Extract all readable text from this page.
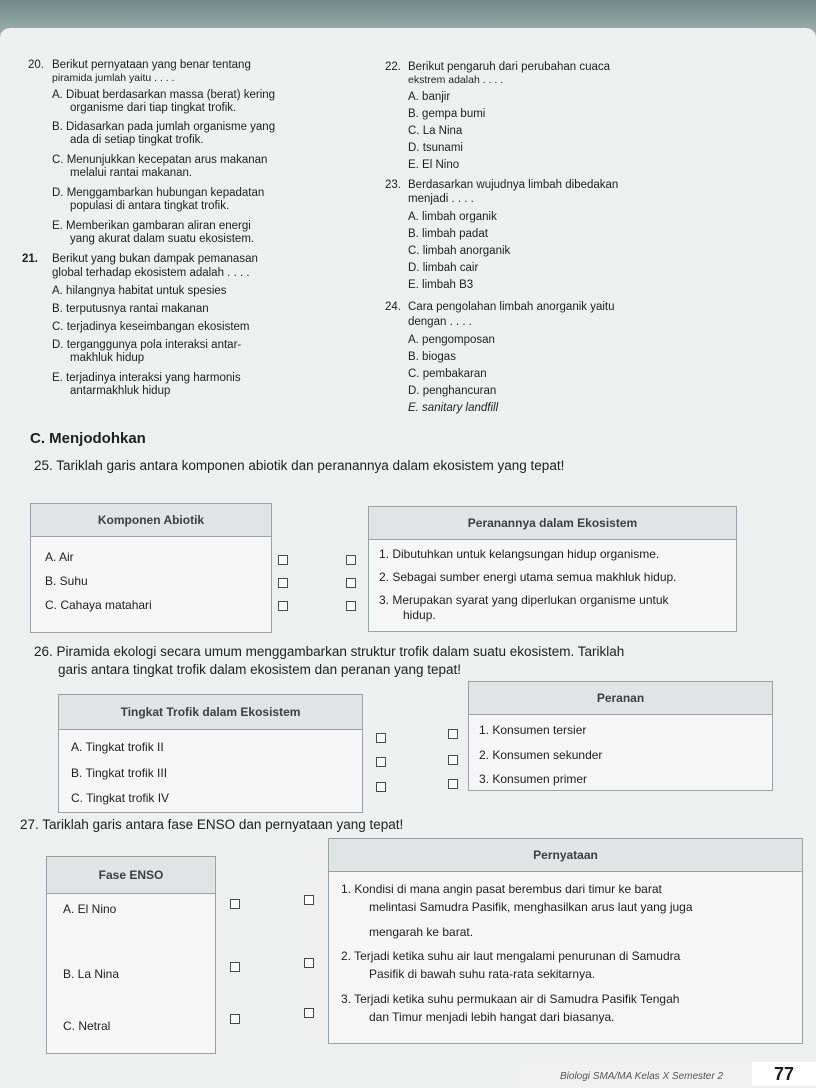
20. Berikut pernyataan yang benar tentang
piramida jumlah yaitu . . . .
A. Dibuat berdasarkan massa (berat) kering
organisme dari tiap tingkat trofik.
B. Didasarkan pada jumlah organisme yang
ada di setiap tingkat trofik.
C. Menunjukkan kecepatan arus makanan
melalui rantai makanan.
D. Menggambarkan hubungan kepadatan
populasi di antara tingkat trofik.
E. Memberikan gambaran aliran energi
yang akurat dalam suatu ekosistem.
21. Berikut yang bukan dampak pemanasan
global terhadap ekosistem adalah . . . .
A. hilangnya habitat untuk spesies
B. terputusnya rantai makanan
C. terjadinya keseimbangan ekosistem
D. terganggunya pola interaksi antar-
makhluk hidup
E. terjadinya interaksi yang harmonis
antarmakhluk hidup
22. Berikut pengaruh dari perubahan cuaca
ekstrem adalah . . . .
A. banjir
B. gempa bumi
C. La Nina
D. tsunami
E. El Nino
23. Berdasarkan wujudnya limbah dibedakan
menjadi . . . .
A. limbah organik
B. limbah padat
C. limbah anorganik
D. limbah cair
E. limbah B3
24. Cara pengolahan limbah anorganik yaitu
dengan . . . .
A. pengomposan
B. biogas
C. pembakaran
D. penghancuran
E. sanitary landfill
C. Menjodohkan
25. Tariklah garis antara komponen abiotik dan peranannya dalam ekosistem yang tepat!
Komponen Abiotik
A. Air
B. Suhu
C. Cahaya matahari
Peranannya dalam Ekosistem
1. Dibutuhkan untuk kelangsungan hidup organisme.
2. Sebagai sumber energi utama semua makhluk hidup.
3. Merupakan syarat yang diperlukan organisme untuk
hidup.
26. Piramida ekologi secara umum menggambarkan struktur trofik dalam suatu ekosistem. Tariklah
garis antara tingkat trofik dalam ekosistem dan peranan yang tepat!
Tingkat Trofik dalam Ekosistem
A. Tingkat trofik II
B. Tingkat trofik III
C. Tingkat trofik IV
Peranan
1. Konsumen tersier
2. Konsumen sekunder
3. Konsumen primer
27. Tariklah garis antara fase ENSO dan pernyataan yang tepat!
Fase ENSO
A. El Nino
B. La Nina
C. Netral
Pernyataan
1. Kondisi di mana angin pasat berembus dari timur ke barat
melintasi Samudra Pasifik, menghasilkan arus laut yang juga
mengarah ke barat.
2. Terjadi ketika suhu air laut mengalami penurunan di Samudra
Pasifik di bawah suhu rata-rata sekitarnya.
3. Terjadi ketika suhu permukaan air di Samudra Pasifik Tengah
dan Timur menjadi lebih hangat dari biasanya.
Biologi SMA/MA Kelas X Semester 2	77
